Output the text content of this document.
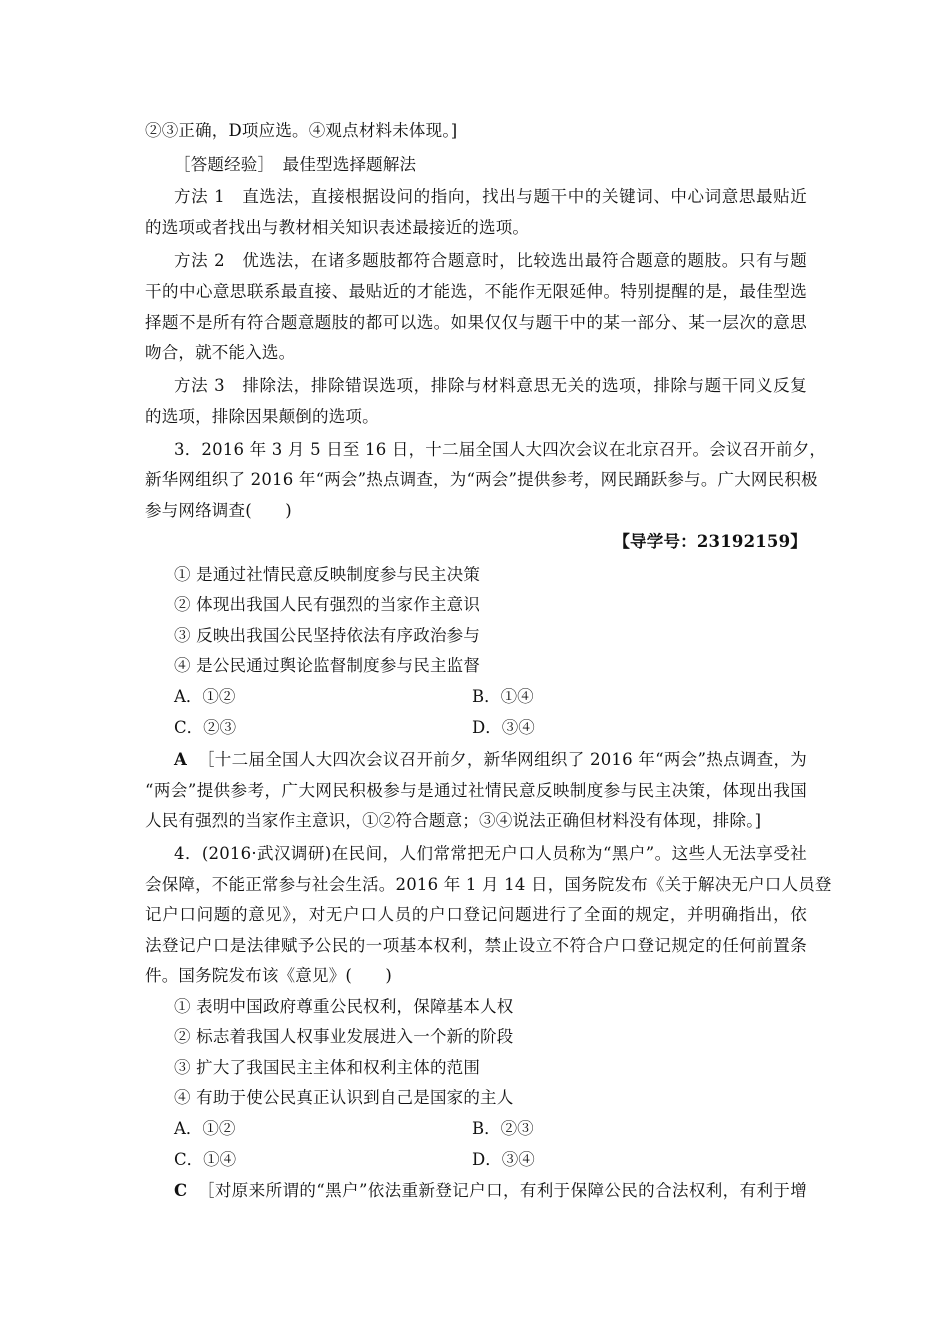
②③正确，D项应选。④观点材料未体现。]
［答题经验］　最佳型选择题解法
方法 1　直选法，直接根据设问的指向，找出与题干中的关键词、中心词意思最贴近
的选项或者找出与教材相关知识表述最接近的选项。
方法 2　优选法，在诸多题肢都符合题意时，比较选出最符合题意的题肢。只有与题
干的中心意思联系最直接、最贴近的才能选，不能作无限延伸。特别提醒的是，最佳型选
择题不是所有符合题意题肢的都可以选。如果仅仅与题干中的某一部分、某一层次的意思
吻合，就不能入选。
方法 3　排除法，排除错误选项，排除与材料意思无关的选项，排除与题干同义反复
的选项，排除因果颠倒的选项。
3．2016 年 3 月 5 日至 16 日，十二届全国人大四次会议在北京召开。会议召开前夕，
新华网组织了 2016 年“两会”热点调查，为“两会”提供参考，网民踊跃参与。广大网民积极
参与网络调查(　　)
【导学号：23192159】
① 是通过社情民意反映制度参与民主决策
② 体现出我国人民有强烈的当家作主意识
③ 反映出我国公民坚持依法有序政治参与
④ 是公民通过舆论监督制度参与民主监督
A．①②	B．①④
C．②③	D．③④
A ［十二届全国人大四次会议召开前夕，新华网组织了 2016 年“两会”热点调查，为
“两会”提供参考，广大网民积极参与是通过社情民意反映制度参与民主决策，体现出我国
人民有强烈的当家作主意识，①②符合题意；③④说法正确但材料没有体现，排除。]
4．(2016·武汉调研)在民间，人们常常把无户口人员称为“黑户”。这些人无法享受社
会保障，不能正常参与社会生活。2016 年 1 月 14 日，国务院发布《关于解决无户口人员登
记户口问题的意见》，对无户口人员的户口登记问题进行了全面的规定，并明确指出，依
法登记户口是法律赋予公民的一项基本权利，禁止设立不符合户口登记规定的任何前置条
件。国务院发布该《意见》(　　)
① 表明中国政府尊重公民权利，保障基本人权
② 标志着我国人权事业发展进入一个新的阶段
③ 扩大了我国民主主体和权利主体的范围
④ 有助于使公民真正认识到自己是国家的主人
A．①②	B．②③
C．①④	D．③④
C ［对原来所谓的“黑户”依法重新登记户口，有利于保障公民的合法权利，有利于增
